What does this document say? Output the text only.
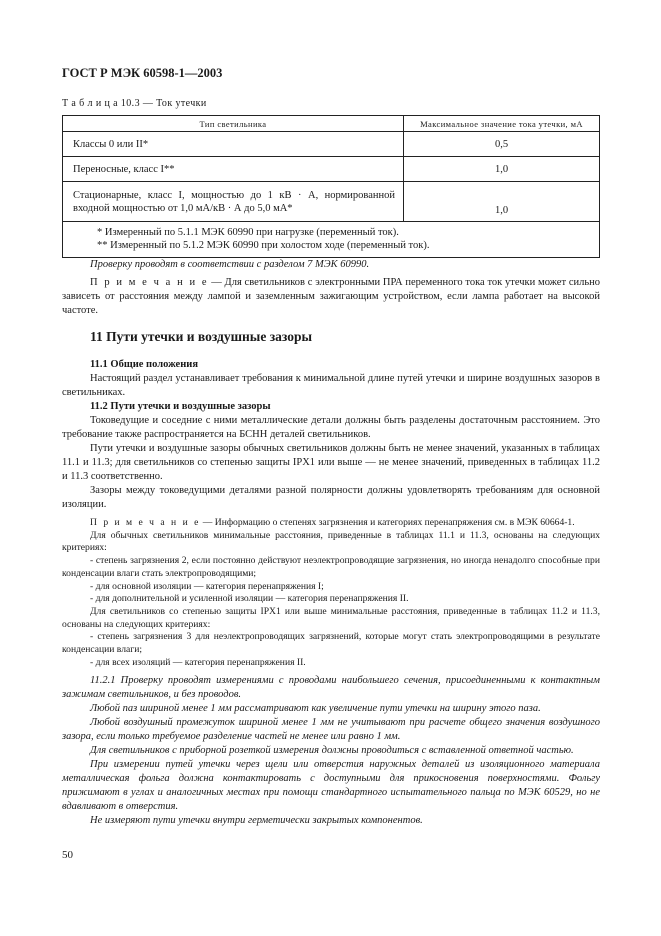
ГОСТ Р МЭК 60598-1—2003
Т а б л и ц а 10.3 — Ток утечки
Тип светильника	Максимальное значение тока утечки, мА
Классы 0 или II*	0,5
Переносные, класс I**	1,0
Стационарные, класс I, мощностью до 1 кВ · А, нормированной входной мощностью от 1,0 мА/кВ · А до 5,0 мА*	1,0

* Измеренный по 5.1.1 МЭК 60990 при нагрузке (переменный ток).
** Измеренный по 5.1.2 МЭК 60990 при холостом ходе (переменный ток).	

Проверку проводят в соответствии с разделом 7 МЭК 60990.

П р и м е ч а н и е — Для светильников с электронными ПРА переменного тока ток утечки может сильно зависеть от расстояния между лампой и заземленным зажигающим устройством, если лампа работает на высокой частоте.

11 Пути утечки и воздушные зазоры
11.1 Общие положения

Настоящий раздел устанавливает требования к минимальной длине путей утечки и ширине воздушных зазоров в светильниках.

11.2 Пути утечки и воздушные зазоры

Токоведущие и соседние с ними металлические детали должны быть разделены достаточным расстоянием. Это требование также распространяется на БСНН деталей светильников.

Пути утечки и воздушные зазоры обычных светильников должны быть не менее значений, указанных в таблицах 11.1 и 11.3; для светильников со степенью защиты IPX1 или выше — не менее значений, приведенных в таблицах 11.2 и 11.3 соответственно.

Зазоры между токоведущими деталями разной полярности должны удовлетворять требованиям для основной изоляции.

П р и м е ч а н и е — Информацию о степенях загрязнения и категориях перенапряжения см. в МЭК 60664-1.

Для обычных светильников минимальные расстояния, приведенные в таблицах 11.1 и 11.3, основаны на следующих критериях:

- степень загрязнения 2, если постоянно действуют неэлектропроводящие загрязнения, но иногда ненадолго способные при конденсации влаги стать электропроводящими;

- для основной изоляции — категория перенапряжения I;

- для дополнительной и усиленной изоляции — категория перенапряжения II.

Для светильников со степенью защиты IPX1 или выше минимальные расстояния, приведенные в таблицах 11.2 и 11.3, основаны на следующих критериях:

- степень загрязнения 3 для неэлектропроводящих загрязнений, которые могут стать электропроводящими в результате конденсации влаги;

- для всех изоляций — категория перенапряжения II.

11.2.1 Проверку проводят измерениями с проводами наибольшего сечения, присоединенными к контактным зажимам светильников, и без проводов.

Любой паз шириной менее 1 мм рассматривают как увеличение пути утечки на ширину этого паза.

Любой воздушный промежуток шириной менее 1 мм не учитывают при расчете общего значения воздушного зазора, если только требуемое разделение частей не менее или равно 1 мм.

Для светильников с приборной розеткой измерения должны проводиться с вставленной ответной частью.

При измерении путей утечки через щели или отверстия наружных деталей из изоляционного материала металлическая фольга должна контактировать с доступными для прикосновения поверхностями. Фольгу прижимают в углах и аналогичных местах при помощи стандартного испытательного пальца по МЭК 60529, но не вдавливают в отверстия.

Не измеряют пути утечки внутри герметически закрытых компонентов.

50
